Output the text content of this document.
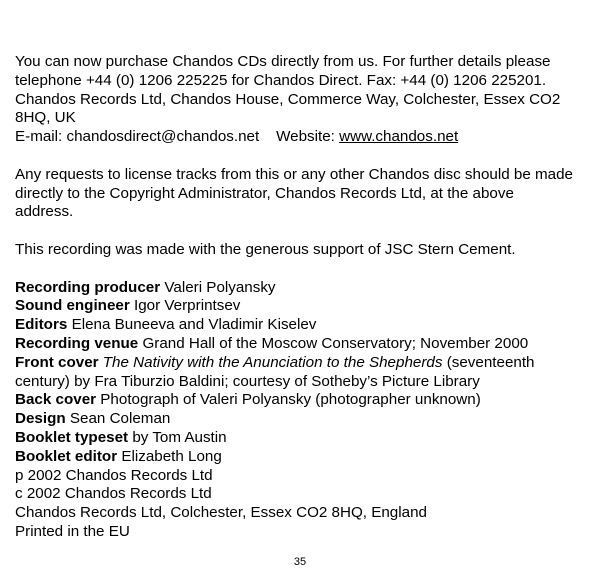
You can now purchase Chandos CDs directly from us. For further details please

telephone +44 (0) 1206 225225 for Chandos Direct. Fax: +44 (0) 1206 225201.

Chandos Records Ltd, Chandos House, Commerce Way, Colchester, Essex CO2

8HQ, UK

E-mail: chandosdirect@chandos.net Website: www.chandos.net

Any requests to license tracks from this or any other Chandos disc should be made

directly to the Copyright Administrator, Chandos Records Ltd, at the above

address.

This recording was made with the generous support of JSC Stern Cement.

Recording producer Valeri Polyansky

Sound engineer Igor Verprintsev

Editors Elena Buneeva and Vladimir Kiselev

Recording venue Grand Hall of the Moscow Conservatory; November 2000

Front cover The Nativity with the Anunciation to the Shepherds (seventeenth

century) by Fra Tiburzio Baldini; courtesy of Sotheby’s Picture Library

Back cover Photograph of Valeri Polyansky (photographer unknown)

Design Sean Coleman

Booklet typeset by Tom Austin

Booklet editor Elizabeth Long

p 2002 Chandos Records Ltd

c 2002 Chandos Records Ltd

Chandos Records Ltd, Colchester, Essex CO2 8HQ, England

Printed in the EU

35
